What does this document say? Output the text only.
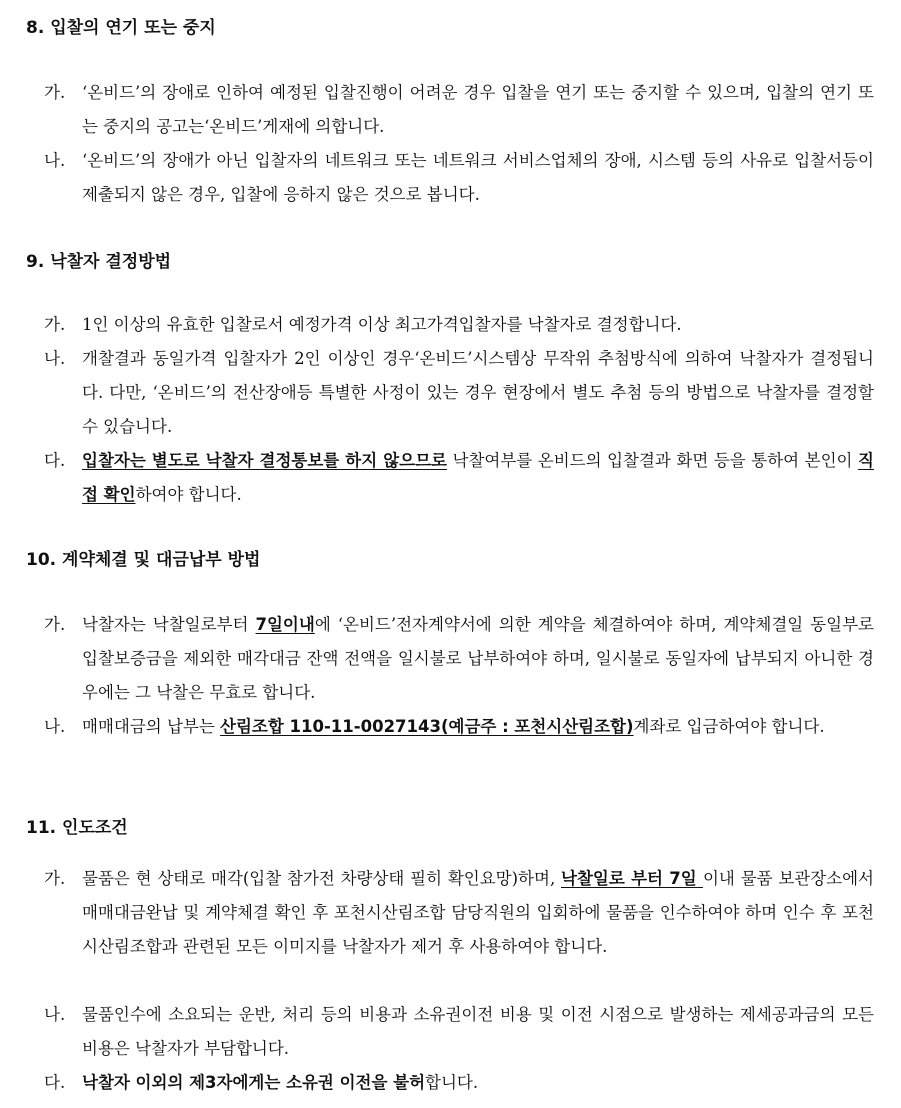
8. 입찰의 연기 또는 중지
가.	‘온비드’의 장애로 인하여 예정된 입찰진행이 어려운 경우 입찰을 연기 또는 중지할 수 있으며, 입찰의 연기 또는 중지의 공고는‘온비드’게재에 의합니다.
나.	‘온비드’의 장애가 아닌 입찰자의 네트워크 또는 네트워크 서비스업체의 장애, 시스템 등의 사유로 입찰서등이 제출되지 않은 경우, 입찰에 응하지 않은 것으로 봅니다.
9. 낙찰자 결정방법
가.	1인 이상의 유효한 입찰로서 예정가격 이상 최고가격입찰자를 낙찰자로 결정합니다.
나.	개찰결과 동일가격 입찰자가 2인 이상인 경우‘온비드’시스템상 무작위 추첨방식에 의하여 낙찰자가 결정됩니다. 다만, ‘온비드’의 전산장애등 특별한 사정이 있는 경우 현장에서 별도 추첨 등의 방법으로 낙찰자를 결정할 수 있습니다.
다.	입찰자는 별도로 낙찰자 결정통보를 하지 않으므로 낙찰여부를 온비드의 입찰결과 화면 등을 통하여 본인이 직접 확인하여야 합니다.
10. 계약체결 및 대금납부 방법
가.	낙찰자는 낙찰일로부터 7일이내에 ‘온비드’전자계약서에 의한 계약을 체결하여야 하며, 계약체결일 동일부로 입찰보증금을 제외한 매각대금 잔액 전액을 일시불로 납부하여야 하며, 일시불로 동일자에 납부되지 아니한 경우에는 그 낙찰은 무효로 합니다.
나.	매매대금의 납부는 산림조합 110-11-0027143(예금주 : 포천시산림조합)계좌로 입금하여야 합니다.
11. 인도조건
가.	물품은 현 상태로 매각(입찰 참가전 차량상태 필히 확인요망)하며, 낙찰일로 부터 7일 이내 물품 보관장소에서 매매대금완납 및 계약체결 확인 후 포천시산림조합 담당직원의 입회하에 물품을 인수하여야 하며 인수 후 포천시산림조합과 관련된 모든 이미지를 낙찰자가 제거 후 사용하여야 합니다.
나.	물품인수에 소요되는 운반, 처리 등의 비용과 소유권이전 비용 및 이전 시점으로 발생하는 제세공과금의 모든 비용은 낙찰자가 부담합니다.
다.	낙찰자 이외의 제3자에게는 소유권 이전을 불허합니다.
